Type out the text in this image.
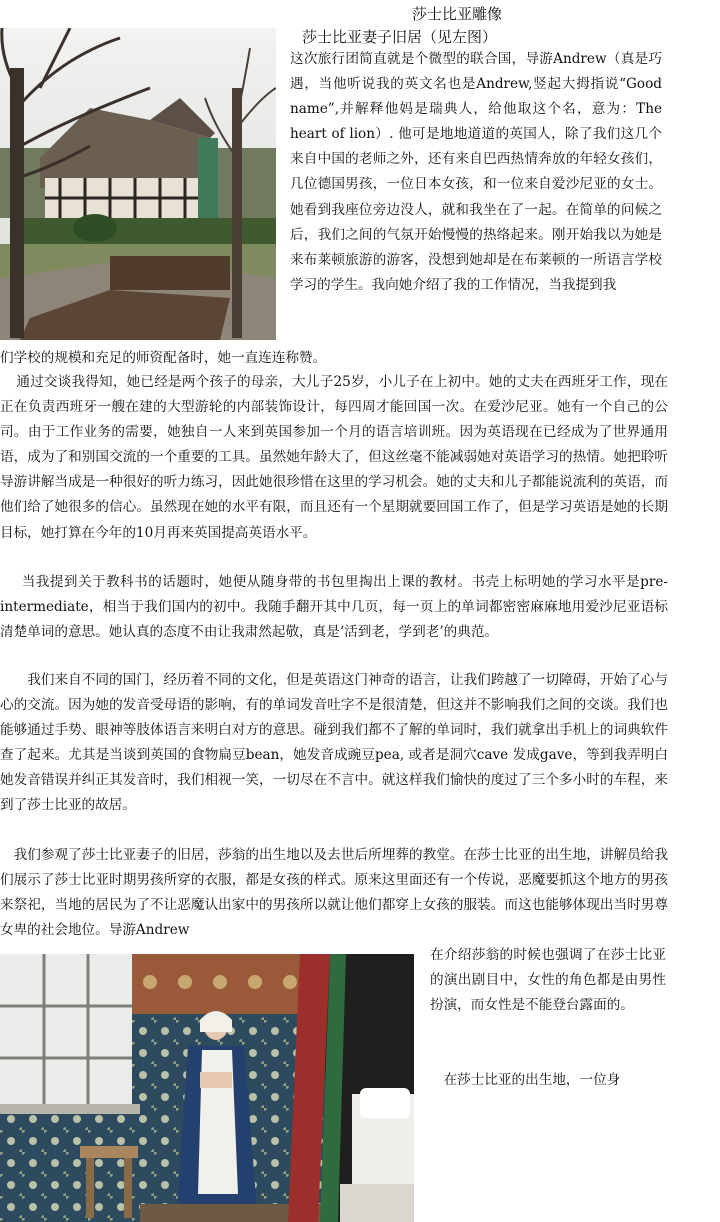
莎士比亚雕像
莎士比亚妻子旧居（见左图）

这次旅行团简直就是个微型的联合国，导游Andrew（真是巧遇，当他听说我的英文名也是Andrew,竖起大拇指说“Good name”,并解释他妈是瑞典人，给他取这个名，意为：The heart of lion）. 他可是地地道道的英国人，除了我们这几个来自中国的老师之外，还有来自巴西热情奔放的年轻女孩们，几位德国男孩，一位日本女孩，和一位来自爱沙尼亚的女士。她看到我座位旁边没人，就和我坐在了一起。在简单的问候之后，我们之间的气氛开始慢慢的热络起来。刚开始我以为她是来布莱顿旅游的游客，没想到她却是在布莱顿的一所语言学校学习的学生。我向她介绍了我的工作情况，当我提到我

们学校的规模和充足的师资配备时，她一直连连称赞。

通过交谈我得知，她已经是两个孩子的母亲，大儿子25岁，小儿子在上初中。她的丈夫在西班牙工作，现在正在负责西班牙一艘在建的大型游轮的内部装饰设计，每四周才能回国一次。在爱沙尼亚。她有一个自己的公司。由于工作业务的需要，她独自一人来到英国参加一个月的语言培训班。因为英语现在已经成为了世界通用语，成为了和别国交流的一个重要的工具。虽然她年龄大了，但这丝毫不能减弱她对英语学习的热情。她把聆听导游讲解当成是一种很好的听力练习，因此她很珍惜在这里的学习机会。她的丈夫和儿子都能说流利的英语，而他们给了她很多的信心。虽然现在她的水平有限，而且还有一个星期就要回国工作了，但是学习英语是她的长期目标，她打算在今年的10月再来英国提高英语水平。

当我提到关于教科书的话题时，她便从随身带的书包里掏出上课的教材。书壳上标明她的学习水平是pre-intermediate，相当于我们国内的初中。我随手翻开其中几页，每一页上的单词都密密麻麻地用爱沙尼亚语标清楚单词的意思。她认真的态度不由让我肃然起敬，真是‘活到老，学到老’的典范。

我们来自不同的国门，经历着不同的文化，但是英语这门神奇的语言，让我们跨越了一切障碍，开始了心与心的交流。因为她的发音受母语的影响，有的单词发音吐字不是很清楚，但这并不影响我们之间的交谈。我们也能够通过手势、眼神等肢体语言来明白对方的意思。碰到我们都不了解的单词时，我们就拿出手机上的词典软件查了起来。尤其是当谈到英国的食物扁豆bean，她发音成豌豆pea, 或者是洞穴cave 发成gave，等到我弄明白她发音错误并纠正其发音时，我们相视一笑，一切尽在不言中。就这样我们愉快的度过了三个多小时的车程，来到了莎士比亚的故居。

我们参观了莎士比亚妻子的旧居，莎翁的出生地以及去世后所埋葬的教堂。在莎士比亚的出生地，讲解员给我们展示了莎士比亚时期男孩所穿的衣服，都是女孩的样式。原来这里面还有一个传说，恶魔要抓这个地方的男孩来祭祀，当地的居民为了不让恶魔认出家中的男孩所以就让他们都穿上女孩的服装。而这也能够体现出当时男尊女卑的社会地位。导游Andrew

在介绍莎翁的时候也强调了在莎士比亚的演出剧目中，女性的角色都是由男性扮演，而女性是不能登台露面的。

在莎士比亚的出生地，一位身
